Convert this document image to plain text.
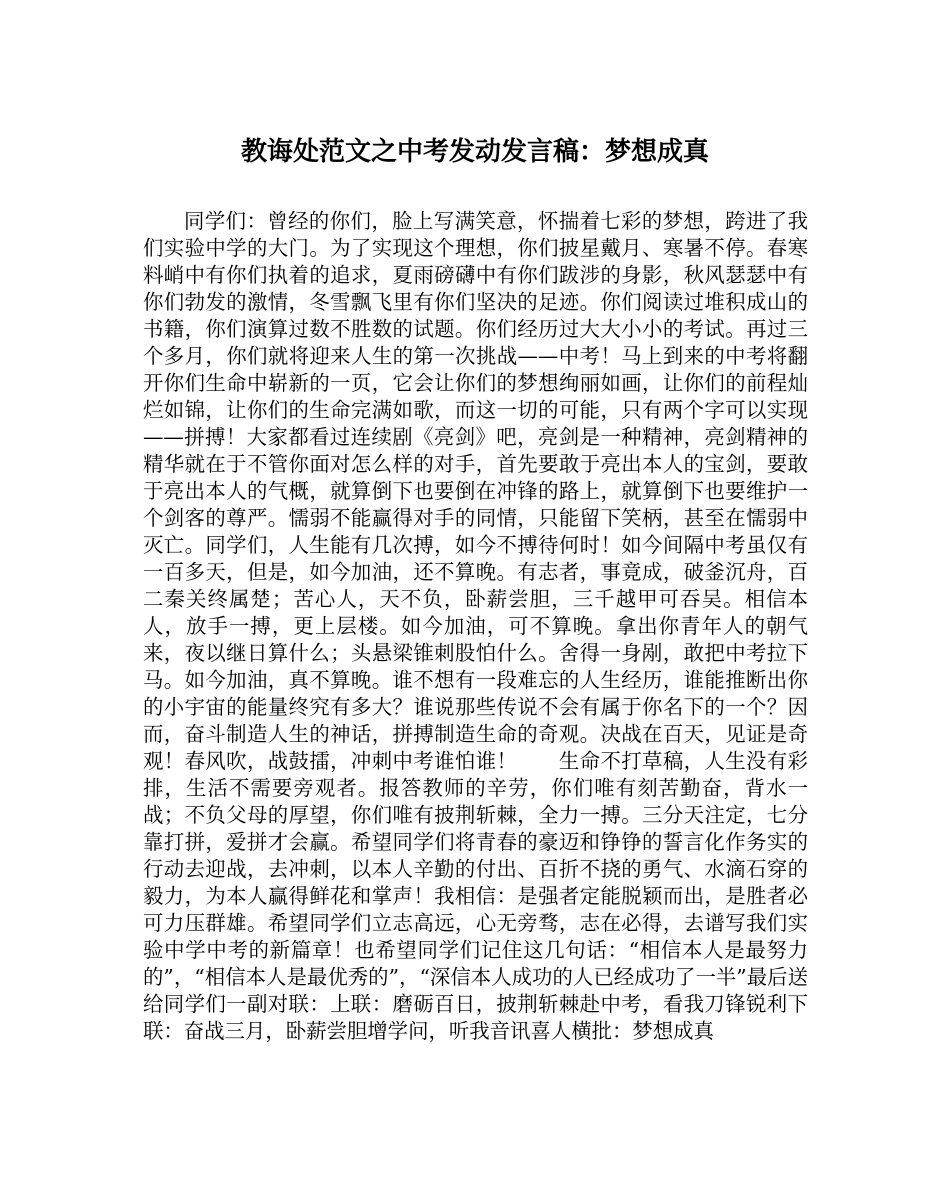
教诲处范文之中考发动发言稿：梦想成真

同学们：曾经的你们，脸上写满笑意，怀揣着七彩的梦想，跨进了我们实验中学的大门。为了实现这个理想，你们披星戴月、寒暑不停。春寒料峭中有你们执着的追求，夏雨磅礴中有你们跋涉的身影，秋风瑟瑟中有你们勃发的激情，冬雪飘飞里有你们坚决的足迹。你们阅读过堆积成山的书籍，你们演算过数不胜数的试题。你们经历过大大小小的考试。再过三个多月，你们就将迎来人生的第一次挑战——中考！马上到来的中考将翻开你们生命中崭新的一页，它会让你们的梦想绚丽如画，让你们的前程灿烂如锦，让你们的生命完满如歌，而这一切的可能，只有两个字可以实现——拼搏！大家都看过连续剧《亮剑》吧，亮剑是一种精神，亮剑精神的精华就在于不管你面对怎么样的对手，首先要敢于亮出本人的宝剑，要敢于亮出本人的气概，就算倒下也要倒在冲锋的路上，就算倒下也要维护一个剑客的尊严。懦弱不能赢得对手的同情，只能留下笑柄，甚至在懦弱中灭亡。同学们，人生能有几次搏，如今不搏待何时！如今间隔中考虽仅有一百多天，但是，如今加油，还不算晚。有志者，事竟成，破釜沉舟，百二秦关终属楚；苦心人，天不负，卧薪尝胆，三千越甲可吞吴。相信本人，放手一搏，更上层楼。如今加油，可不算晚。拿出你青年人的朝气来，夜以继日算什么；头悬梁锥刺股怕什么。舍得一身剐，敢把中考拉下马。如今加油，真不算晚。谁不想有一段难忘的人生经历，谁能推断出你的小宇宙的能量终究有多大？谁说那些传说不会有属于你名下的一个？因而，奋斗制造人生的神话，拼搏制造生命的奇观。决战在百天，见证是奇观！春风吹，战鼓擂，冲刺中考谁怕谁！　　生命不打草稿，人生没有彩排，生活不需要旁观者。报答教师的辛劳，你们唯有刻苦勤奋，背水一战；不负父母的厚望，你们唯有披荆斩棘，全力一搏。三分天注定，七分靠打拼，爱拼才会赢。希望同学们将青春的豪迈和铮铮的誓言化作务实的行动去迎战，去冲刺，以本人辛勤的付出、百折不挠的勇气、水滴石穿的毅力，为本人赢得鲜花和掌声！我相信：是强者定能脱颖而出，是胜者必可力压群雄。希望同学们立志高远，心无旁骛，志在必得，去谱写我们实验中学中考的新篇章！也希望同学们记住这几句话：“相信本人是最努力的”，“相信本人是最优秀的”，“深信本人成功的人已经成功了一半”最后送给同学们一副对联：上联：磨砺百日，披荆斩棘赴中考，看我刀锋锐利下联：奋战三月，卧薪尝胆增学问，听我音讯喜人横批：梦想成真
